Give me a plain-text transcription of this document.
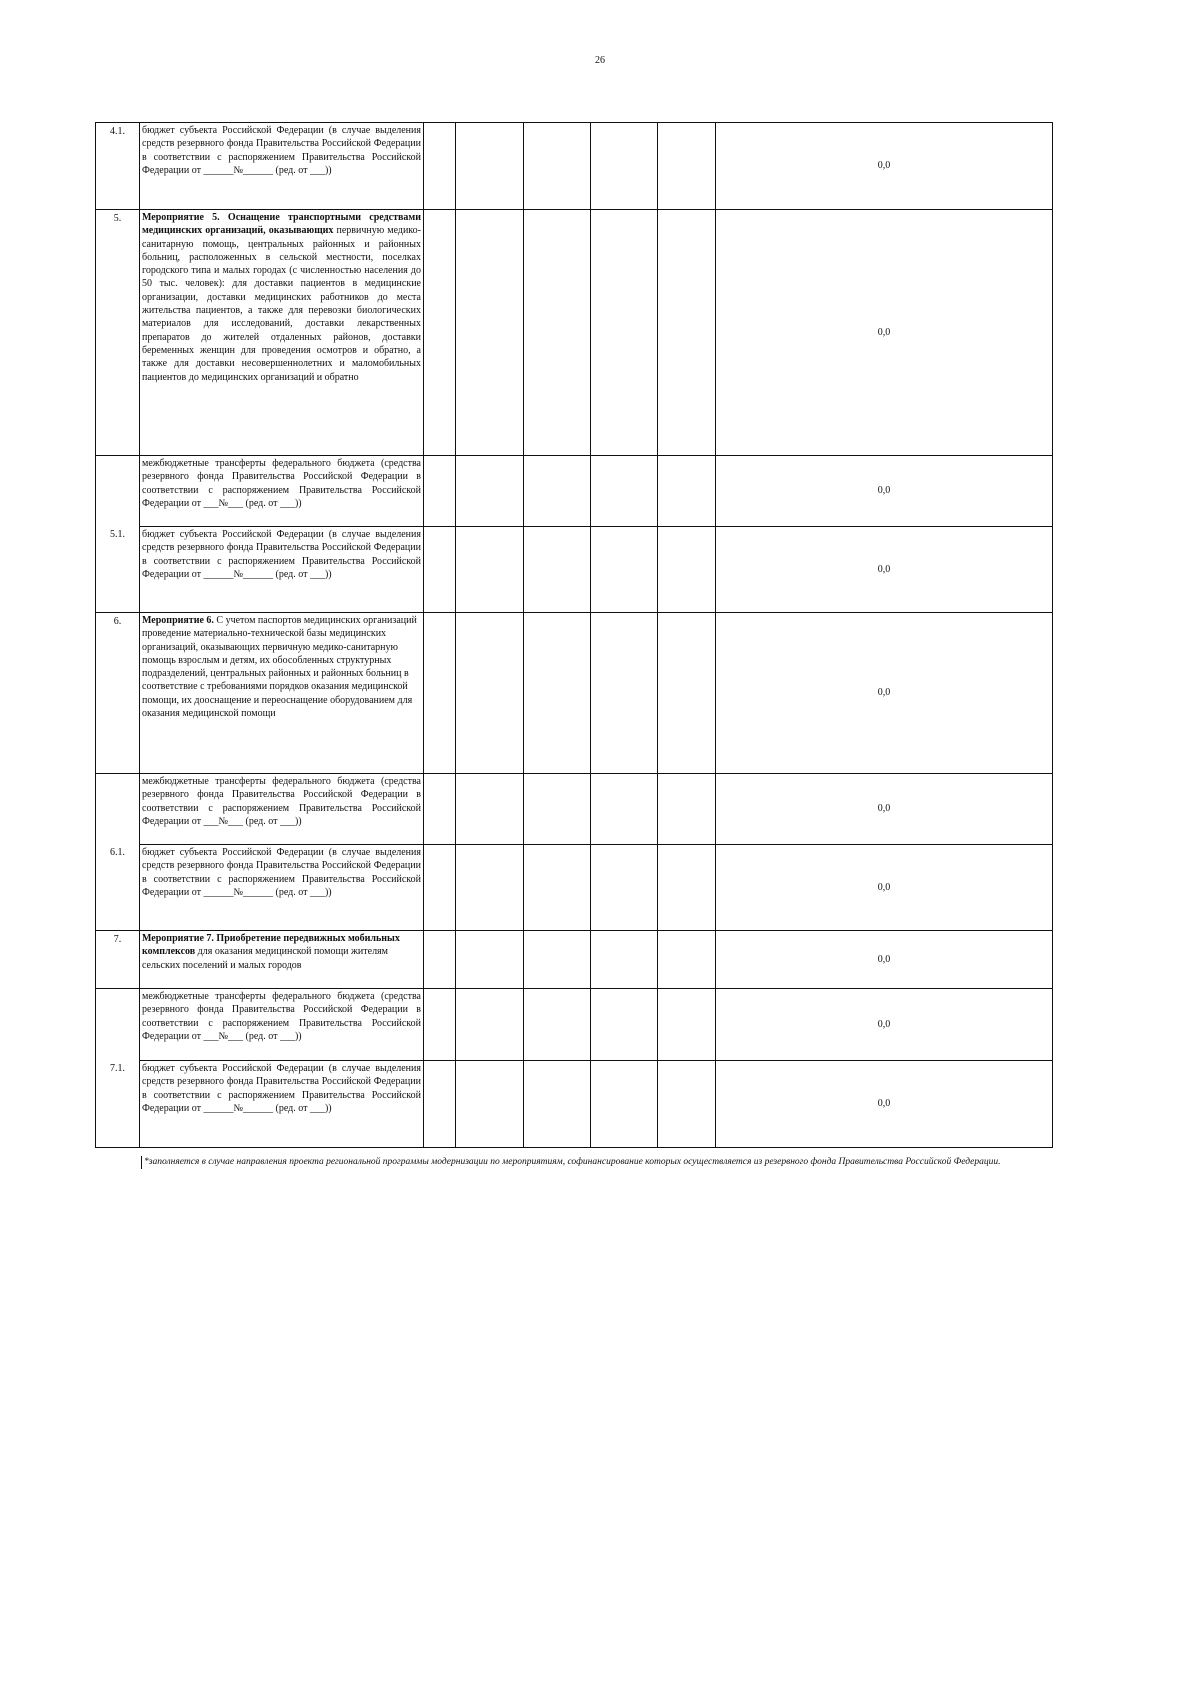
26
4.1.	бюджет субъекта Российской Федерации (в случае выделения средств резервного фонда Правительства Российской Федерации в соответствии с распоряжением Правительства Российской Федерации от ______№______ (ред. от ___))						0,0
5.	Мероприятие 5. Оснащение транспортными средствами медицинских организаций, оказывающих первичную медико-санитарную помощь, центральных районных и районных больниц, расположенных в сельской местности, поселках городского типа и малых городах (с численностью населения до 50 тыс. человек): для доставки пациентов в медицинские организации, доставки медицинских работников до места жительства пациентов, а также для перевозки биологических материалов для исследований, доставки лекарственных препаратов до жителей отдаленных районов, доставки беременных женщин для проведения осмотров и обратно, а также для доставки несовершеннолетних и маломобильных пациентов до медицинских организаций и обратно						0,0
5.1.	межбюджетные трансферты федерального бюджета (средства резервного фонда Правительства Российской Федерации в соответствии с распоряжением Правительства Российской Федерации от ___№___ (ред. от ___))						0,0
	бюджет субъекта Российской Федерации (в случае выделения средств резервного фонда Правительства Российской Федерации в соответствии с распоряжением Правительства Российской Федерации от ______№______ (ред. от ___))						0,0
6.	Мероприятие 6. С учетом паспортов медицинских организаций проведение материально-технической базы медицинских организаций, оказывающих первичную медико-санитарную помощь взрослым и детям, их обособленных структурных подразделений, центральных районных и районных больниц в соответствие с требованиями порядков оказания медицинской помощи, их дооснащение и переоснащение оборудованием для оказания медицинской помощи						0,0
6.1.	межбюджетные трансферты федерального бюджета (средства резервного фонда Правительства Российской Федерации в соответствии с распоряжением Правительства Российской Федерации от ___№___ (ред. от ___))						0,0
	бюджет субъекта Российской Федерации (в случае выделения средств резервного фонда Правительства Российской Федерации в соответствии с распоряжением Правительства Российской Федерации от ______№______ (ред. от ___))						0,0
7.	Мероприятие 7. Приобретение передвижных мобильных комплексов для оказания медицинской помощи жителям сельских поселений и малых городов						0,0
7.1.	межбюджетные трансферты федерального бюджета (средства резервного фонда Правительства Российской Федерации в соответствии с распоряжением Правительства Российской Федерации от ___№___ (ред. от ___))						0,0
	бюджет субъекта Российской Федерации (в случае выделения средств резервного фонда Правительства Российской Федерации в соответствии с распоряжением Правительства Российской Федерации от ______№______ (ред. от ___))						0,0
*заполняется в случае направления проекта региональной программы модернизации по мероприятиям, софинансирование которых осуществляется из резервного фонда Правительства Российской Федерации.
